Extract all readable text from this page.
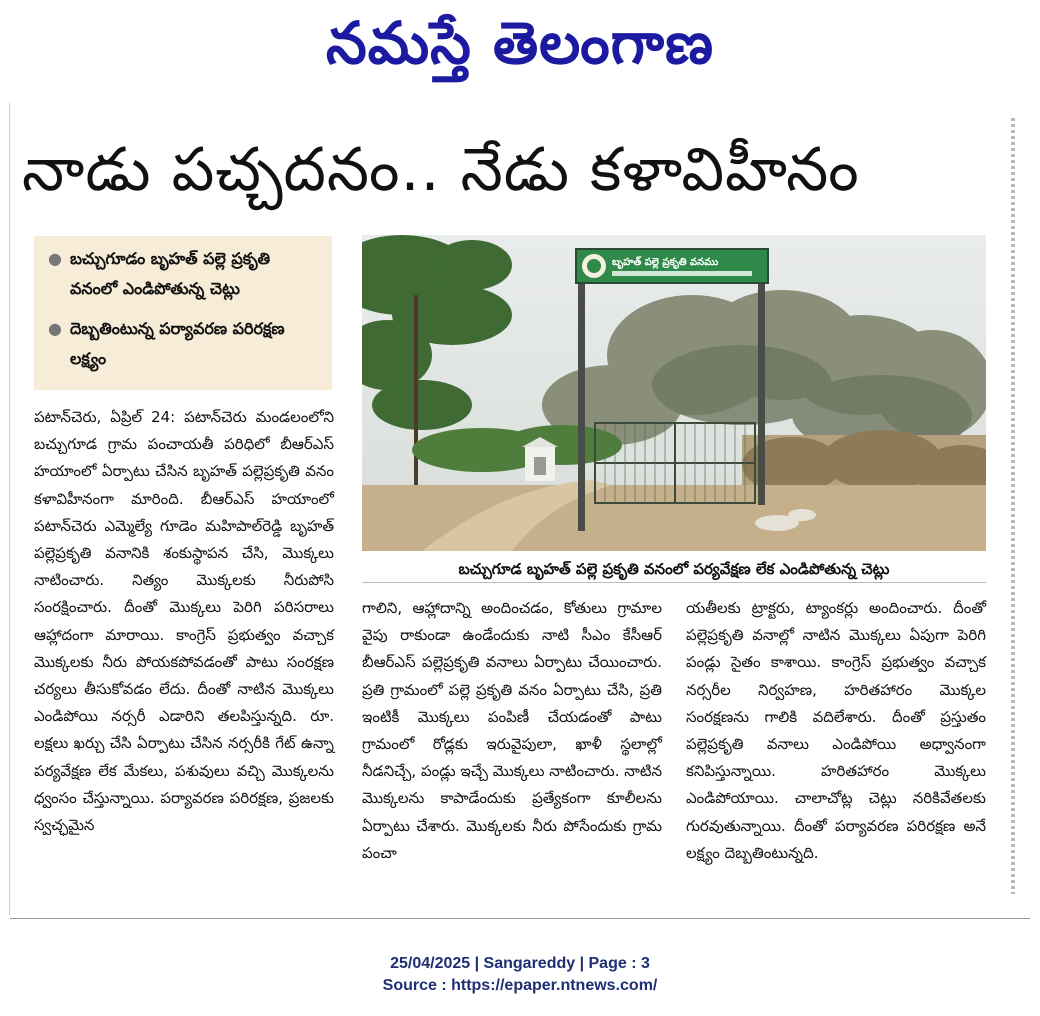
నమస్తే తెలంగాణ
నాడు పచ్చదనం.. నేడు కళావిహీనం
● బచ్చుగూడం బృహత్ పల్లె ప్రకృతి వనంలో ఎండిపోతున్న చెట్లు
● దెబ్బతింటున్న పర్యావరణ పరిరక్షణ లక్ష్యం
బృహత్ పల్లె ప్రకృతి వనము
బచ్చుగూడ బృహత్ పల్లె ప్రకృతి వనంలో పర్యవేక్షణ లేక ఎండిపోతున్న చెట్లు

పటాన్‌చెరు, ఏప్రిల్ 24: పటాన్‌చెరు మండలంలోని బచ్చుగూడ గ్రామ పంచాయతీ పరిధిలో బీఆర్‌ఎస్ హయాంలో ఏర్పాటు చేసిన బృహత్ పల్లెప్రకృతి వనం కళావిహీనంగా మారింది. బీఆర్‌ఎస్ హయాంలో పటాన్‌చెరు ఎమ్మెల్యే గూడెం మహిపాల్‌రెడ్డి బృహత్ పల్లెప్రకృతి వనానికి శంకుస్థాపన చేసి, మొక్కలు నాటించారు. నిత్యం మొక్కలకు నీరుపోసి సంరక్షించారు. దీంతో మొక్కలు పెరిగి పరిసరాలు ఆహ్లాదంగా మారాయి. కాంగ్రెస్ ప్రభుత్వం వచ్చాక మొక్కలకు నీరు పోయకపోవడంతో పాటు సంరక్షణ చర్యలు తీసుకోవడం లేదు. దీంతో నాటిన మొక్కలు ఎండిపోయి నర్సరీ ఎడారిని తలపిస్తున్నది. రూ. లక్షలు ఖర్చు చేసి ఏర్పాటు చేసిన నర్సరీకి గేట్ ఉన్నా పర్యవేక్షణ లేక మేకలు, పశువులు వచ్చి మొక్కలను ధ్వంసం చేస్తున్నాయి. పర్యావరణ పరిరక్షణ, ప్రజలకు స్వచ్ఛమైన

గాలిని, ఆహ్లాదాన్ని అందించడం, కోతులు గ్రామాల వైపు రాకుండా ఉండేందుకు నాటి సీఎం కేసీఆర్ బీఆర్‌ఎస్ పల్లెప్రకృతి వనాలు ఏర్పాటు చేయించారు. ప్రతి గ్రామంలో పల్లె ప్రకృతి వనం ఏర్పాటు చేసి, ప్రతి ఇంటికీ మొక్కలు పంపిణీ చేయడంతో పాటు గ్రామంలో రోడ్లకు ఇరువైపులా, ఖాళీ స్థలాల్లో నీడనిచ్చే, పండ్లు ఇచ్చే మొక్కలు నాటించారు. నాటిన మొక్కలను కాపాడేందుకు ప్రత్యేకంగా కూలీలను ఏర్పాటు చేశారు. మొక్కలకు నీరు పోసేందుకు గ్రామ పంచా

యతీలకు ట్రాక్టరు, ట్యాంకర్లు అందించారు. దీంతో పల్లెప్రకృతి వనాల్లో నాటిన మొక్కలు ఏపుగా పెరిగి పండ్లు సైతం కాశాయి. కాంగ్రెస్ ప్రభుత్వం వచ్చాక నర్సరీల నిర్వహణ, హరితహారం మొక్కల సంరక్షణను గాలికి వదిలేశారు. దీంతో ప్రస్తుతం పల్లెప్రకృతి వనాలు ఎండిపోయి అధ్వానంగా కనిపిస్తున్నాయి. హరితహారం మొక్కలు ఎండిపోయాయి. చాలాచోట్ల చెట్లు నరికివేతలకు గురవుతున్నాయి. దీంతో పర్యావరణ పరిరక్షణ అనే లక్ష్యం దెబ్బతింటున్నది.

25/04/2025 | Sangareddy | Page : 3
Source : https://epaper.ntnews.com/
